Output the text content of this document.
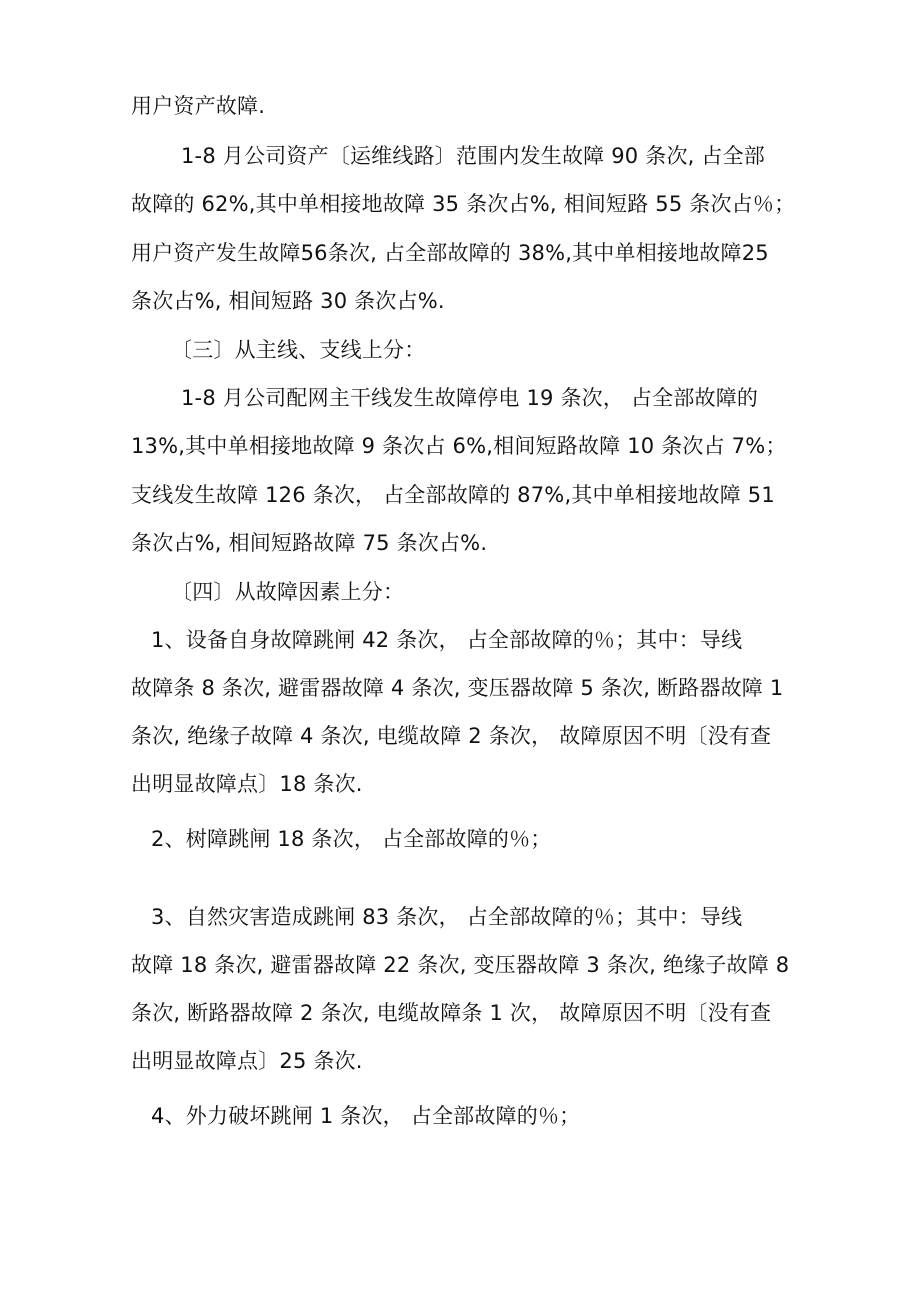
用户资产故障.
1-8 月公司资产〔运维线路〕范围内发生故障 90 条次, 占全部
故障的 62%,其中单相接地故障 35 条次占%, 相间短路 55 条次占％；
用户资产发生故障56条次, 占全部故障的 38%,其中单相接地故障25
条次占%, 相间短路 30 条次占%.
〔三〕从主线、支线上分：
1-8 月公司配网主干线发生故障停电 19 条次， 占全部故障的
13%,其中单相接地故障 9 条次占 6%,相间短路故障 10 条次占 7%；
支线发生故障 126 条次， 占全部故障的 87%,其中单相接地故障 51
条次占%, 相间短路故障 75 条次占%.
〔四〕从故障因素上分：
1、设备自身故障跳闸 42 条次， 占全部故障的％；其中：导线
故障条 8 条次, 避雷器故障 4 条次, 变压器故障 5 条次, 断路器故障 1
条次, 绝缘子故障 4 条次, 电缆故障 2 条次， 故障原因不明〔没有查
出明显故障点〕18 条次.
2、树障跳闸 18 条次， 占全部故障的％；
3、自然灾害造成跳闸 83 条次， 占全部故障的％；其中：导线
故障 18 条次, 避雷器故障 22 条次, 变压器故障 3 条次, 绝缘子故障 8
条次, 断路器故障 2 条次, 电缆故障条 1 次， 故障原因不明〔没有查
出明显故障点〕25 条次.
4、外力破坏跳闸 1 条次， 占全部故障的％；
